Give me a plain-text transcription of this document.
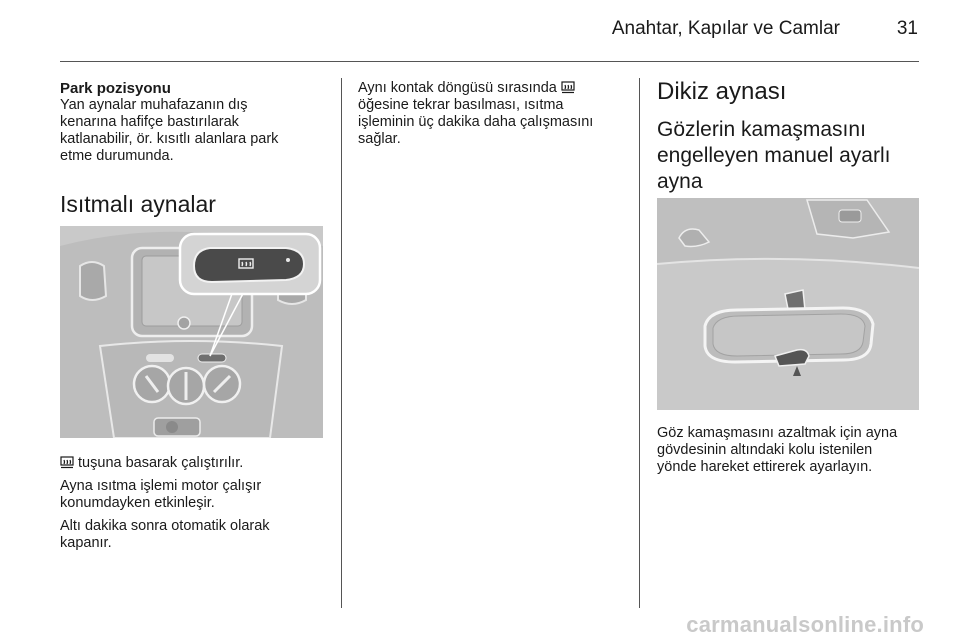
Anahtar, Kapılar ve Camlar	31
Park pozisyonu
Yan aynalar muhafazanın dış
kenarına hafifçe bastırılarak
katlanabilir, ör. kısıtlı alanlara park
etme durumunda.
Isıtmalı aynalar
tuşuna basarak çalıştırılır.
Ayna ısıtma işlemi motor çalışır
konumdayken etkinleşir.
Altı dakika sonra otomatik olarak
kapanır.
Aynı kontak döngüsü sırasında
öğesine tekrar basılması, ısıtma
işleminin üç dakika daha çalışmasını
sağlar.
Dikiz aynası
Gözlerin kamaşmasını
engelleyen manuel ayarlı
ayna
Göz kamaşmasını azaltmak için ayna
gövdesinin altındaki kolu istenilen
yönde hareket ettirerek ayarlayın.
carmanualsonline.info
